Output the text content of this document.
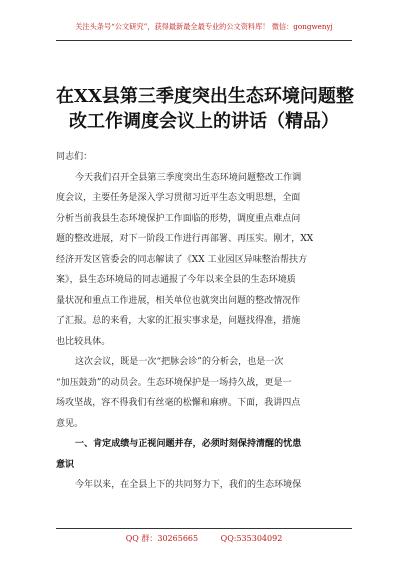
关注头条号“公文研究”，获得最新最全最专业的公文资料库！ 微信：gongwenyj
在XX县第三季度突出生态环境问题整
改工作调度会议上的讲话（精品）
同志们：
今天我们召开全县第三季度突出生态环境问题整改工作调
度会议，主要任务是深入学习贯彻习近平生态文明思想，全面
分析当前我县生态环境保护工作面临的形势，调度重点难点问
题的整改进展，对下一阶段工作进行再部署、再压实。刚才，XX
经济开发区管委会的同志解读了《XX 工业园区异味整治帮扶方
案》，县生态环境局的同志通报了今年以来全县的生态环境质
量状况和重点工作进展，相关单位也就突出问题的整改情况作
了汇报。总的来看，大家的汇报实事求是，问题找得准，措施
也比较具体。
这次会议，既是一次“把脉会诊”的分析会，也是一次
“加压鼓劲”的动员会。生态环境保护是一场持久战，更是一
场攻坚战，容不得我们有丝毫的松懈和麻痹。下面，我讲四点
意见。
一、肯定成绩与正视问题并存，必须时刻保持清醒的忧患
意识
今年以来，在全县上下的共同努力下，我们的生态环境保
QQ 群：30265665	QQ:535304092
